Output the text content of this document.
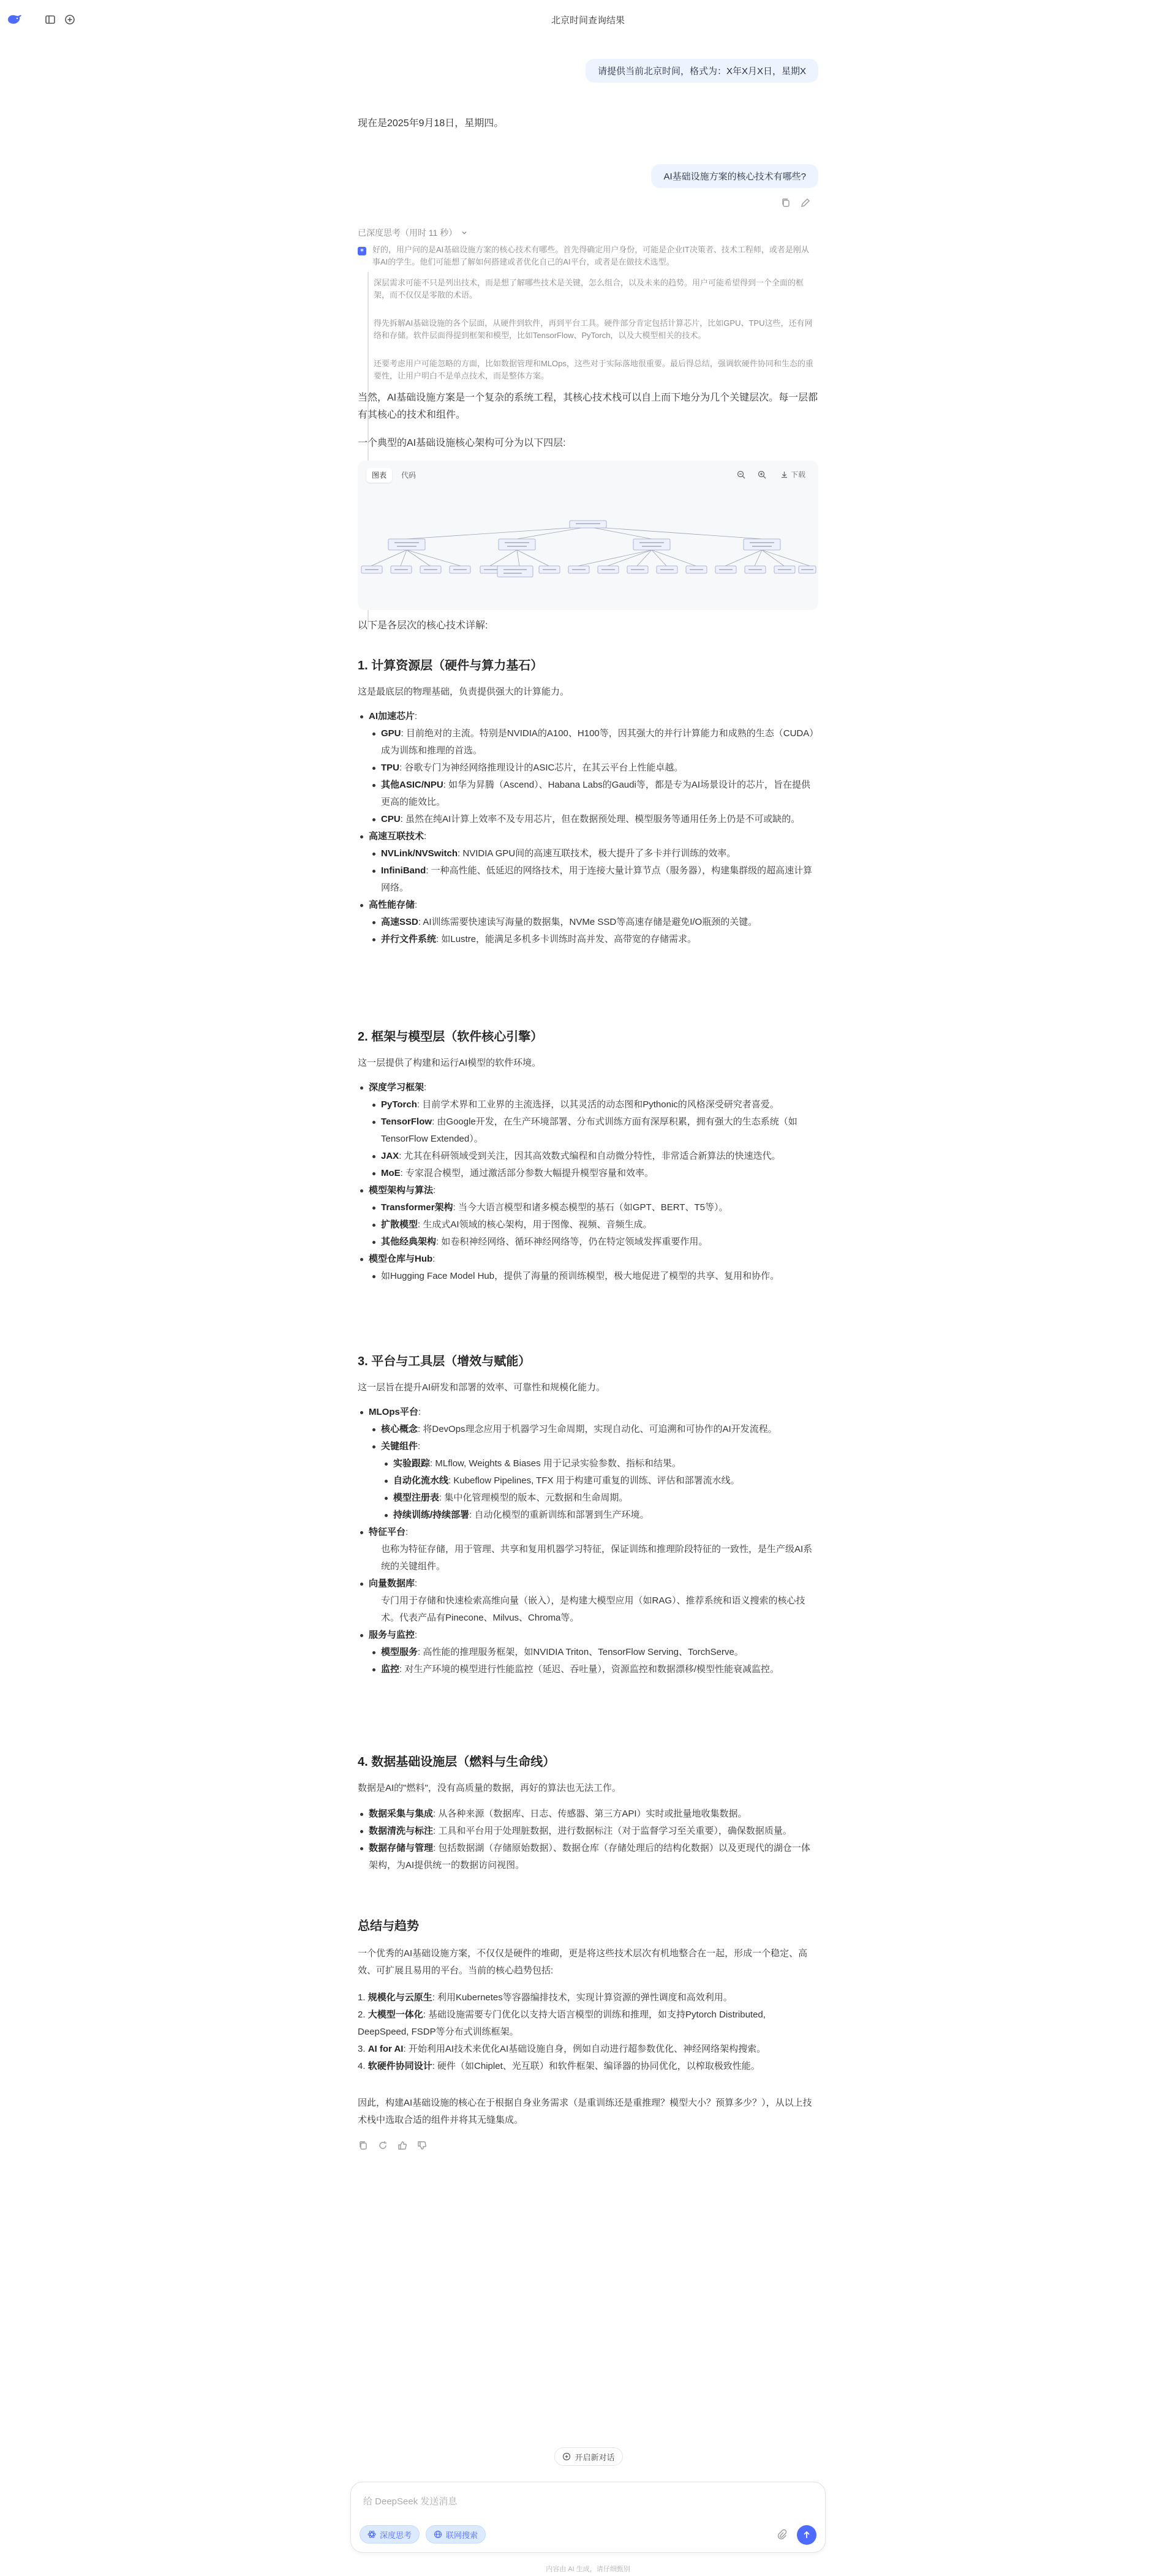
北京时间查询结果
请提供当前北京时间，格式为：X年X月X日，星期X
现在是2025年9月18日，星期四。
AI基础设施方案的核心技术有哪些?
已深度思考（用时 11 秒）
✶ 好的，用户问的是AI基础设施方案的核心技术有哪些。首先得确定用户身份，可能是企业IT决策者、技术工程师，或者是刚从事AI的学生。他们可能想了解如何搭建或者优化自己的AI平台，或者是在做技术选型。
深层需求可能不只是列出技术，而是想了解哪些技术是关键，怎么组合，以及未来的趋势。用户可能希望得到一个全面的框架，而不仅仅是零散的术语。
得先拆解AI基础设施的各个层面，从硬件到软件，再到平台工具。硬件部分肯定包括计算芯片，比如GPU、TPU这些，还有网络和存储。软件层面得提到框架和模型，比如TensorFlow、PyTorch，以及大模型相关的技术。
还要考虑用户可能忽略的方面，比如数据管理和MLOps，这些对于实际落地很重要。最后得总结，强调软硬件协同和生态的重要性，让用户明白不是单点技术，而是整体方案。
当然，AI基础设施方案是一个复杂的系统工程，其核心技术栈可以自上而下地分为几个关键层次。每一层都有其核心的技术和组件。
一个典型的AI基础设施核心架构可分为以下四层:
图表	代码	下载
以下是各层次的核心技术详解:
1. 计算资源层（硬件与算力基石）
这是最底层的物理基础，负责提供强大的计算能力。
AI加速芯片:
GPU: 目前绝对的主流。特别是NVIDIA的A100、H100等，因其强大的并行计算能力和成熟的生态（CUDA）成为训练和推理的首选。
TPU: 谷歌专门为神经网络推理设计的ASIC芯片，在其云平台上性能卓越。
其他ASIC/NPU: 如华为昇腾（Ascend）、Habana Labs的Gaudi等，都是专为AI场景设计的芯片，旨在提供更高的能效比。
CPU: 虽然在纯AI计算上效率不及专用芯片，但在数据预处理、模型服务等通用任务上仍是不可或缺的。
高速互联技术:
NVLink/NVSwitch: NVIDIA GPU间的高速互联技术，极大提升了多卡并行训练的效率。
InfiniBand: 一种高性能、低延迟的网络技术，用于连接大量计算节点（服务器），构建集群级的超高速计算网络。
高性能存储:
高速SSD: AI训练需要快速读写海量的数据集，NVMe SSD等高速存储是避免I/O瓶颈的关键。
并行文件系统: 如Lustre，能满足多机多卡训练时高并发、高带宽的存储需求。
2. 框架与模型层（软件核心引擎）
这一层提供了构建和运行AI模型的软件环境。
深度学习框架:
PyTorch: 目前学术界和工业界的主流选择，以其灵活的动态图和Pythonic的风格深受研究者喜爱。
TensorFlow: 由Google开发，在生产环境部署、分布式训练方面有深厚积累，拥有强大的生态系统（如TensorFlow Extended）。
JAX: 尤其在科研领域受到关注，因其高效数式编程和自动微分特性，非常适合新算法的快速迭代。
MoE: 专家混合模型，通过激活部分参数大幅提升模型容量和效率。
模型架构与算法:
Transformer架构: 当今大语言模型和诸多模态模型的基石（如GPT、BERT、T5等）。
扩散模型: 生成式AI领域的核心架构，用于图像、视频、音频生成。
其他经典架构: 如卷积神经网络、循环神经网络等，仍在特定领域发挥重要作用。
模型仓库与Hub:
如Hugging Face Model Hub，提供了海量的预训练模型，极大地促进了模型的共享、复用和协作。
3. 平台与工具层（增效与赋能）
这一层旨在提升AI研发和部署的效率、可靠性和规模化能力。
MLOps平台:
核心概念: 将DevOps理念应用于机器学习生命周期，实现自动化、可追溯和可协作的AI开发流程。
关键组件:
实验跟踪: MLflow, Weights & Biases 用于记录实验参数、指标和结果。
自动化流水线: Kubeflow Pipelines, TFX 用于构建可重复的训练、评估和部署流水线。
模型注册表: 集中化管理模型的版本、元数据和生命周期。
持续训练/持续部署: 自动化模型的重新训练和部署到生产环境。
特征平台:
也称为特征存储，用于管理、共享和复用机器学习特征，保证训练和推理阶段特征的一致性，是生产级AI系统的关键组件。
向量数据库:
专门用于存储和快速检索高维向量（嵌入），是构建大模型应用（如RAG）、推荐系统和语义搜索的核心技术。代表产品有Pinecone、Milvus、Chroma等。
服务与监控:
模型服务: 高性能的推理服务框架，如NVIDIA Triton、TensorFlow Serving、TorchServe。
监控: 对生产环境的模型进行性能监控（延迟、吞吐量），资源监控和数据漂移/模型性能衰减监控。
4. 数据基础设施层（燃料与生命线）
数据是AI的"燃料"，没有高质量的数据，再好的算法也无法工作。
数据采集与集成: 从各种来源（数据库、日志、传感器、第三方API）实时或批量地收集数据。
数据清洗与标注: 工具和平台用于处理脏数据，进行数据标注（对于监督学习至关重要），确保数据质量。
数据存储与管理: 包括数据湖（存储原始数据）、数据仓库（存储处理后的结构化数据）以及更现代的湖仓一体架构，为AI提供统一的数据访问视图。
总结与趋势
一个优秀的AI基础设施方案，不仅仅是硬件的堆砌，更是将这些技术层次有机地整合在一起，形成一个稳定、高效、可扩展且易用的平台。当前的核心趋势包括:
1. 规模化与云原生: 利用Kubernetes等容器编排技术，实现计算资源的弹性调度和高效利用。
2. 大模型一体化: 基础设施需要专门优化以支持大语言模型的训练和推理，如支持Pytorch Distributed, DeepSpeed, FSDP等分布式训练框架。
3. AI for AI: 开始利用AI技术来优化AI基础设施自身，例如自动进行超参数优化、神经网络架构搜索。
4. 软硬件协同设计: 硬件（如Chiplet、光互联）和软件框架、编译器的协同优化，以榨取极致性能。
因此，构建AI基础设施的核心在于根据自身业务需求（是重训练还是重推理？模型大小？预算多少？），从以上技术栈中选取合适的组件并将其无缝集成。
开启新对话
给 DeepSeek 发送消息
深度思考	联网搜索
内容由 AI 生成，请仔细甄别
